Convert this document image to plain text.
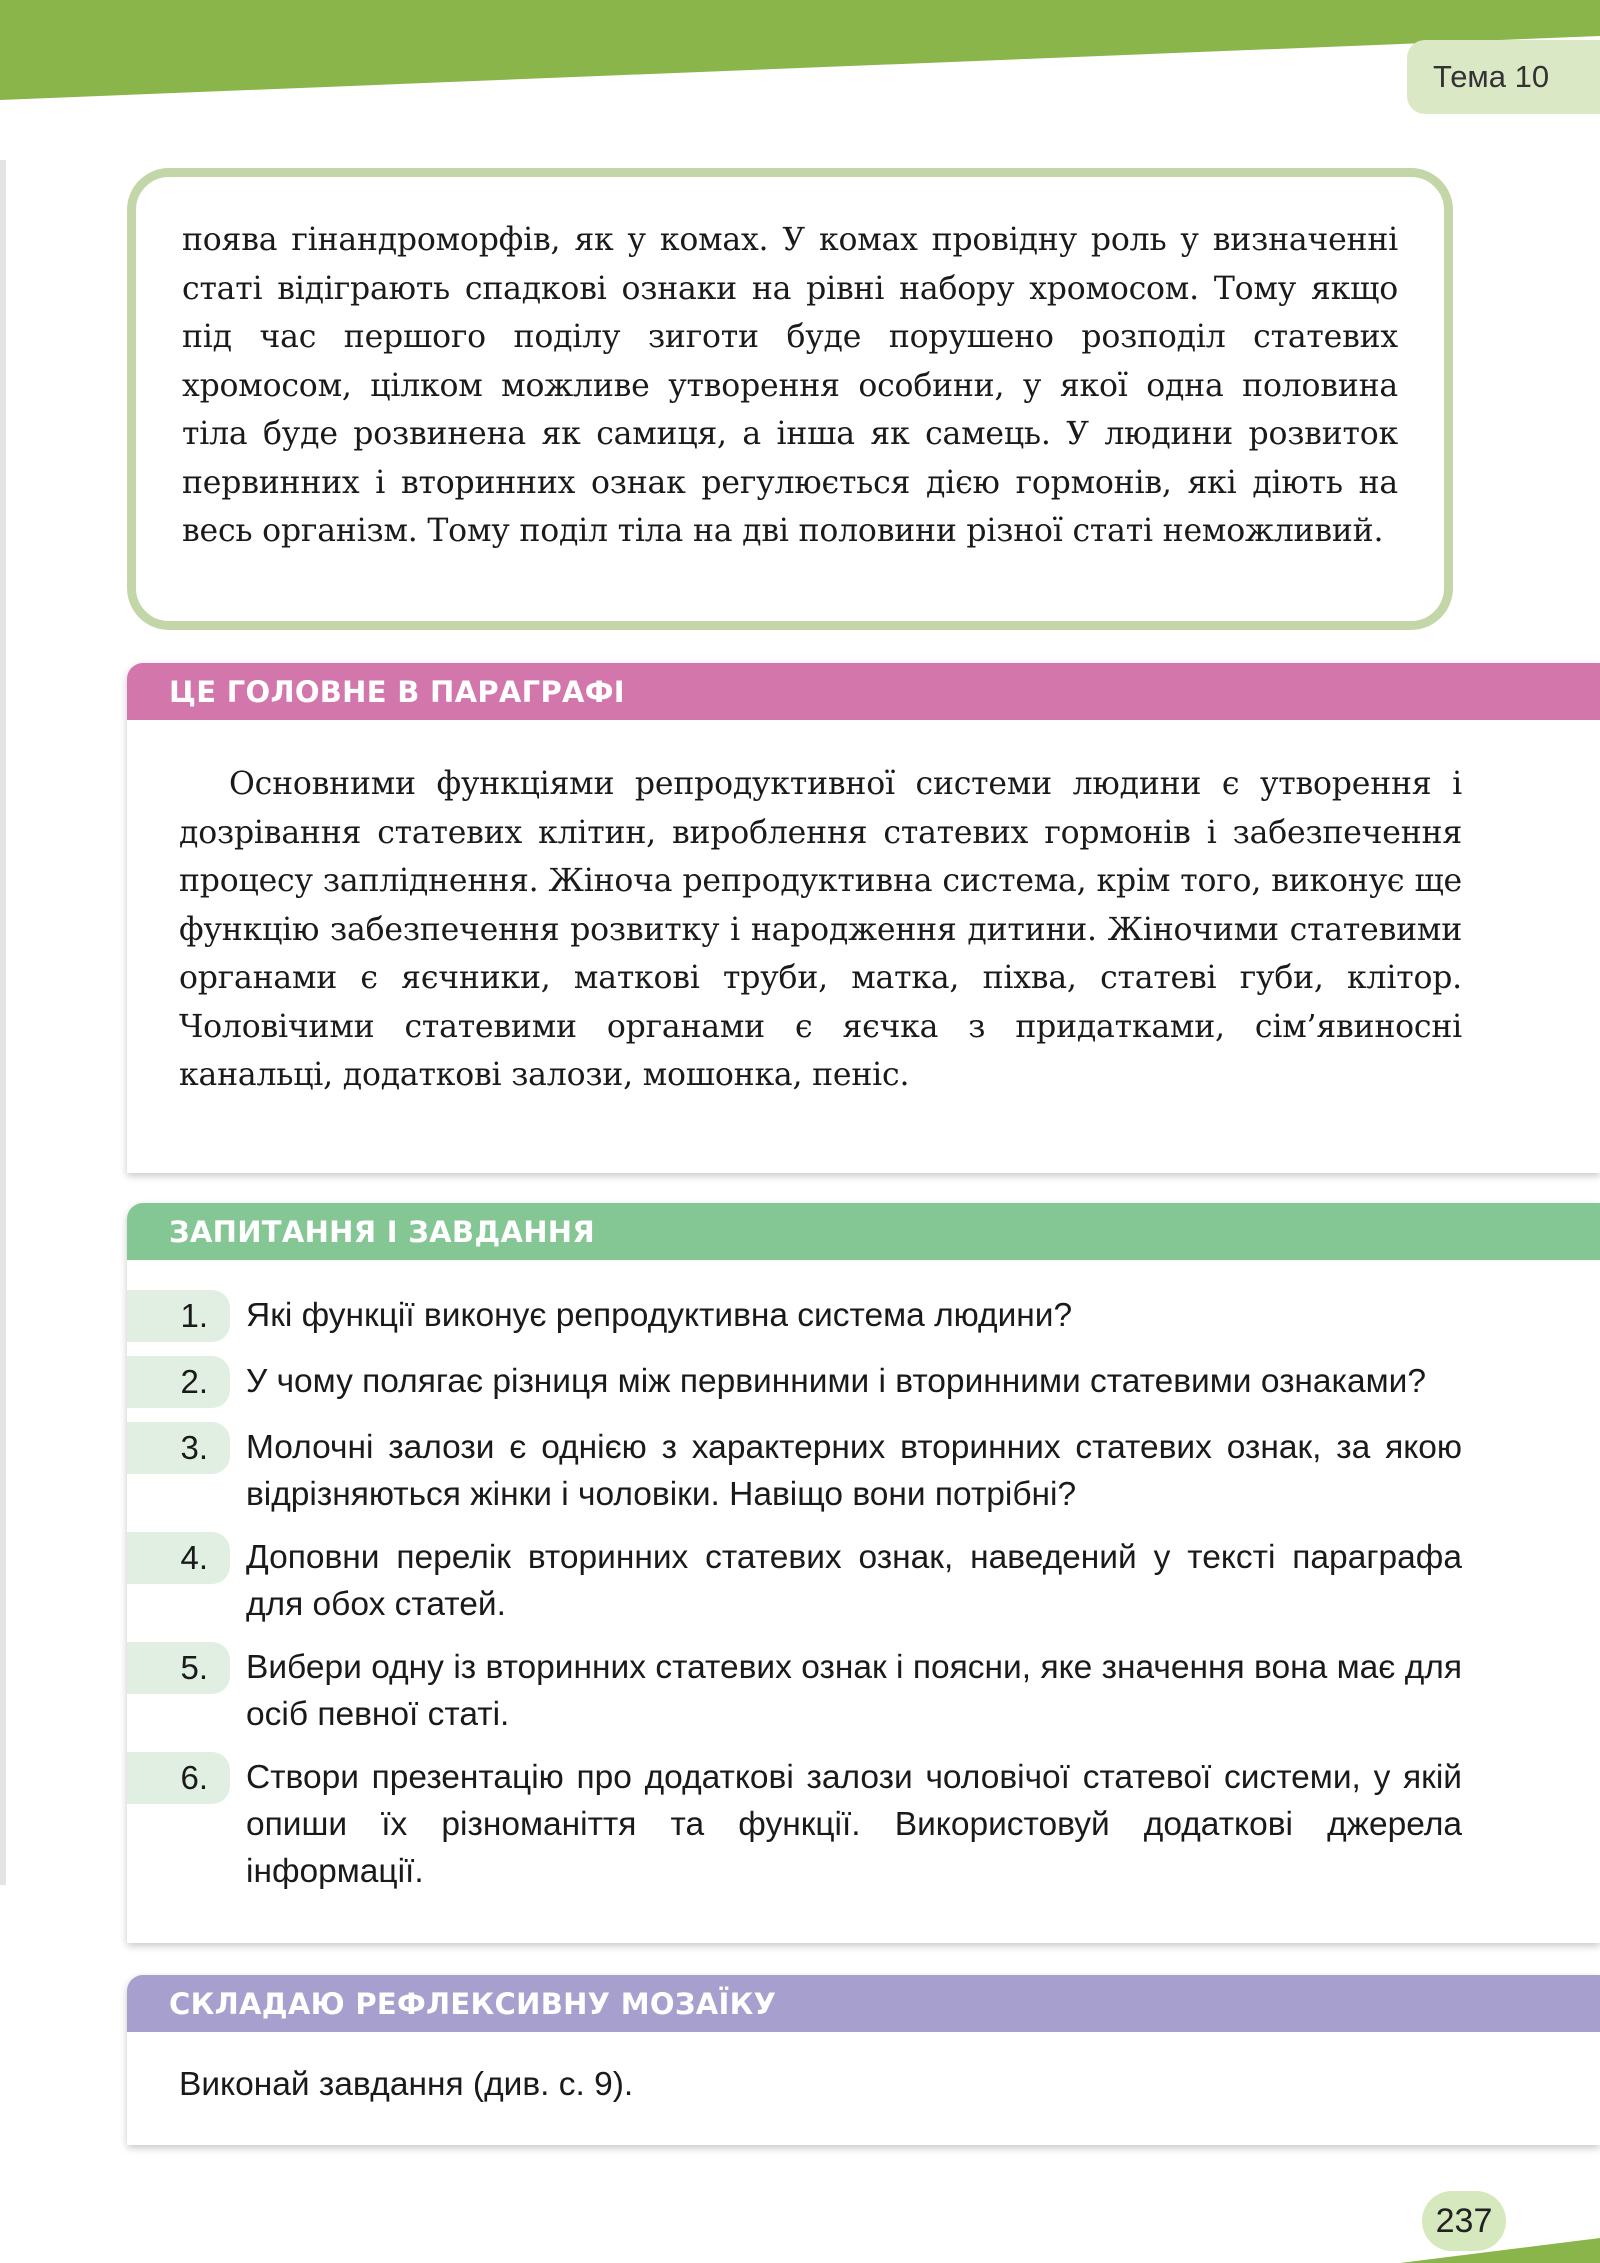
Тема 10

поява гінандроморфів, як у комах. У комах провідну роль у визначенні статі відіграють спадкові ознаки на рівні набору хромосом. Тому якщо під час першого поділу зиготи буде порушено розподіл статевих хромосом, цілком можливе утворення особини, у якої одна половина тіла буде розвинена як самиця, а інша як самець. У людини розвиток первинних і вторинних ознак регулюється дією гормонів, які діють на весь організм. Тому поділ тіла на дві половини різної статі неможливий.

ЦЕ ГОЛОВНЕ В ПАРАГРАФІ

Основними функціями репродуктивної системи людини є утворення і дозрівання статевих клітин, вироблення статевих гормонів і забезпечення процесу запліднення. Жіноча репродуктивна система, крім того, виконує ще функцію забезпечення розвитку і народження дитини. Жіночими статевими органами є яєчники, маткові труби, матка, піхва, статеві губи, клітор. Чоловічими статевими органами є яєчка з придатками, сім’явиносні канальці, додаткові залози, мошонка, пеніс.

ЗАПИТАННЯ І ЗАВДАННЯ
1.	Які функції виконує репродуктивна система людини?
2.	У чому полягає різниця між первинними і вторинними статевими ознаками?
3.	Молочні залози є однією з характерних вторинних статевих ознак, за якою відрізняються жінки і чоловіки. Навіщо вони потрібні?
4.	Доповни перелік вторинних статевих ознак, наведений у тексті параграфа для обох статей.
5.	Вибери одну із вторинних статевих ознак і поясни, яке значення вона має для осіб певної статі.
6.	Створи презентацію про додаткові залози чоловічої статевої системи, у якій опиши їх різноманіття та функції. Використовуй додаткові джерела інформації.
СКЛАДАЮ РЕФЛЕКСИВНУ МОЗАЇКУ
Виконай завдання (див. с. 9).
237
